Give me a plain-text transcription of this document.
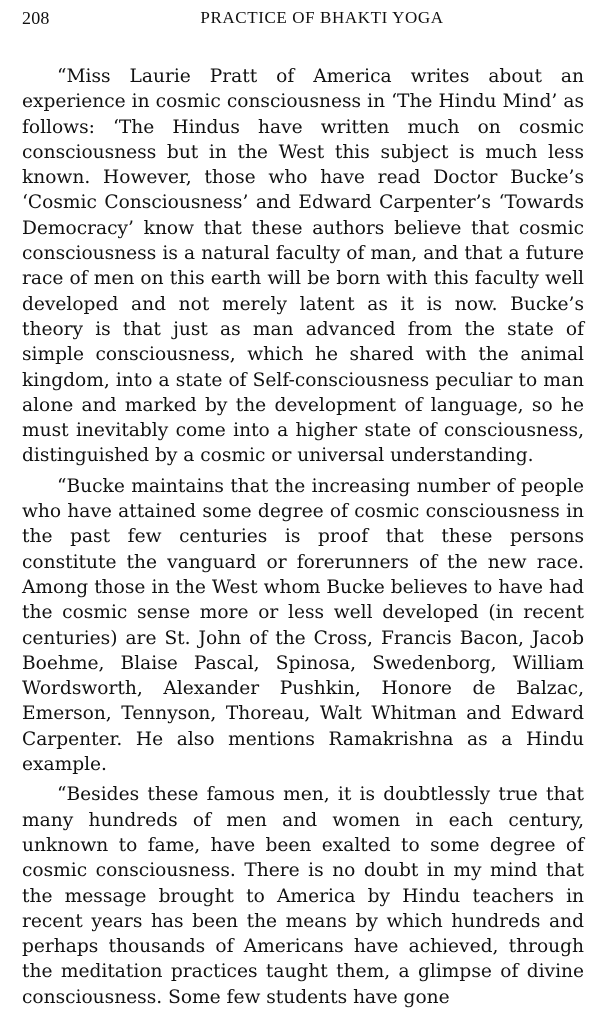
208	PRACTICE OF BHAKTI YOGA

“Miss Laurie Pratt of America writes about an experience in cosmic consciousness in ‘The Hindu Mind’ as follows: ‘The Hindus have written much on cosmic consciousness but in the West this subject is much less known. However, those who have read Doctor Bucke’s ‘Cosmic Consciousness’ and Edward Carpenter’s ‘Towards Democracy’ know that these authors believe that cosmic consciousness is a natural faculty of man, and that a future race of men on this earth will be born with this faculty well developed and not merely latent as it is now. Bucke’s theory is that just as man advanced from the state of simple consciousness, which he shared with the animal kingdom, into a state of Self-consciousness peculiar to man alone and marked by the development of language, so he must inevitably come into a higher state of consciousness, distinguished by a cosmic or universal understanding.

“Bucke maintains that the increasing number of people who have attained some degree of cosmic consciousness in the past few centuries is proof that these persons constitute the vanguard or forerunners of the new race. Among those in the West whom Bucke believes to have had the cosmic sense more or less well developed (in recent centuries) are St. John of the Cross, Francis Bacon, Jacob Boehme, Blaise Pascal, Spinosa, Swedenborg, William Wordsworth, Alexander Pushkin, Honore de Balzac, Emerson, Tennyson, Thoreau, Walt Whitman and Edward Carpenter. He also mentions Ramakrishna as a Hindu example.

“Besides these famous men, it is doubtlessly true that many hundreds of men and women in each century, unknown to fame, have been exalted to some degree of cosmic consciousness. There is no doubt in my mind that the message brought to America by Hindu teachers in recent years has been the means by which hundreds and perhaps thousands of Americans have achieved, through the meditation practices taught them, a glimpse of divine consciousness. Some few students have gone
